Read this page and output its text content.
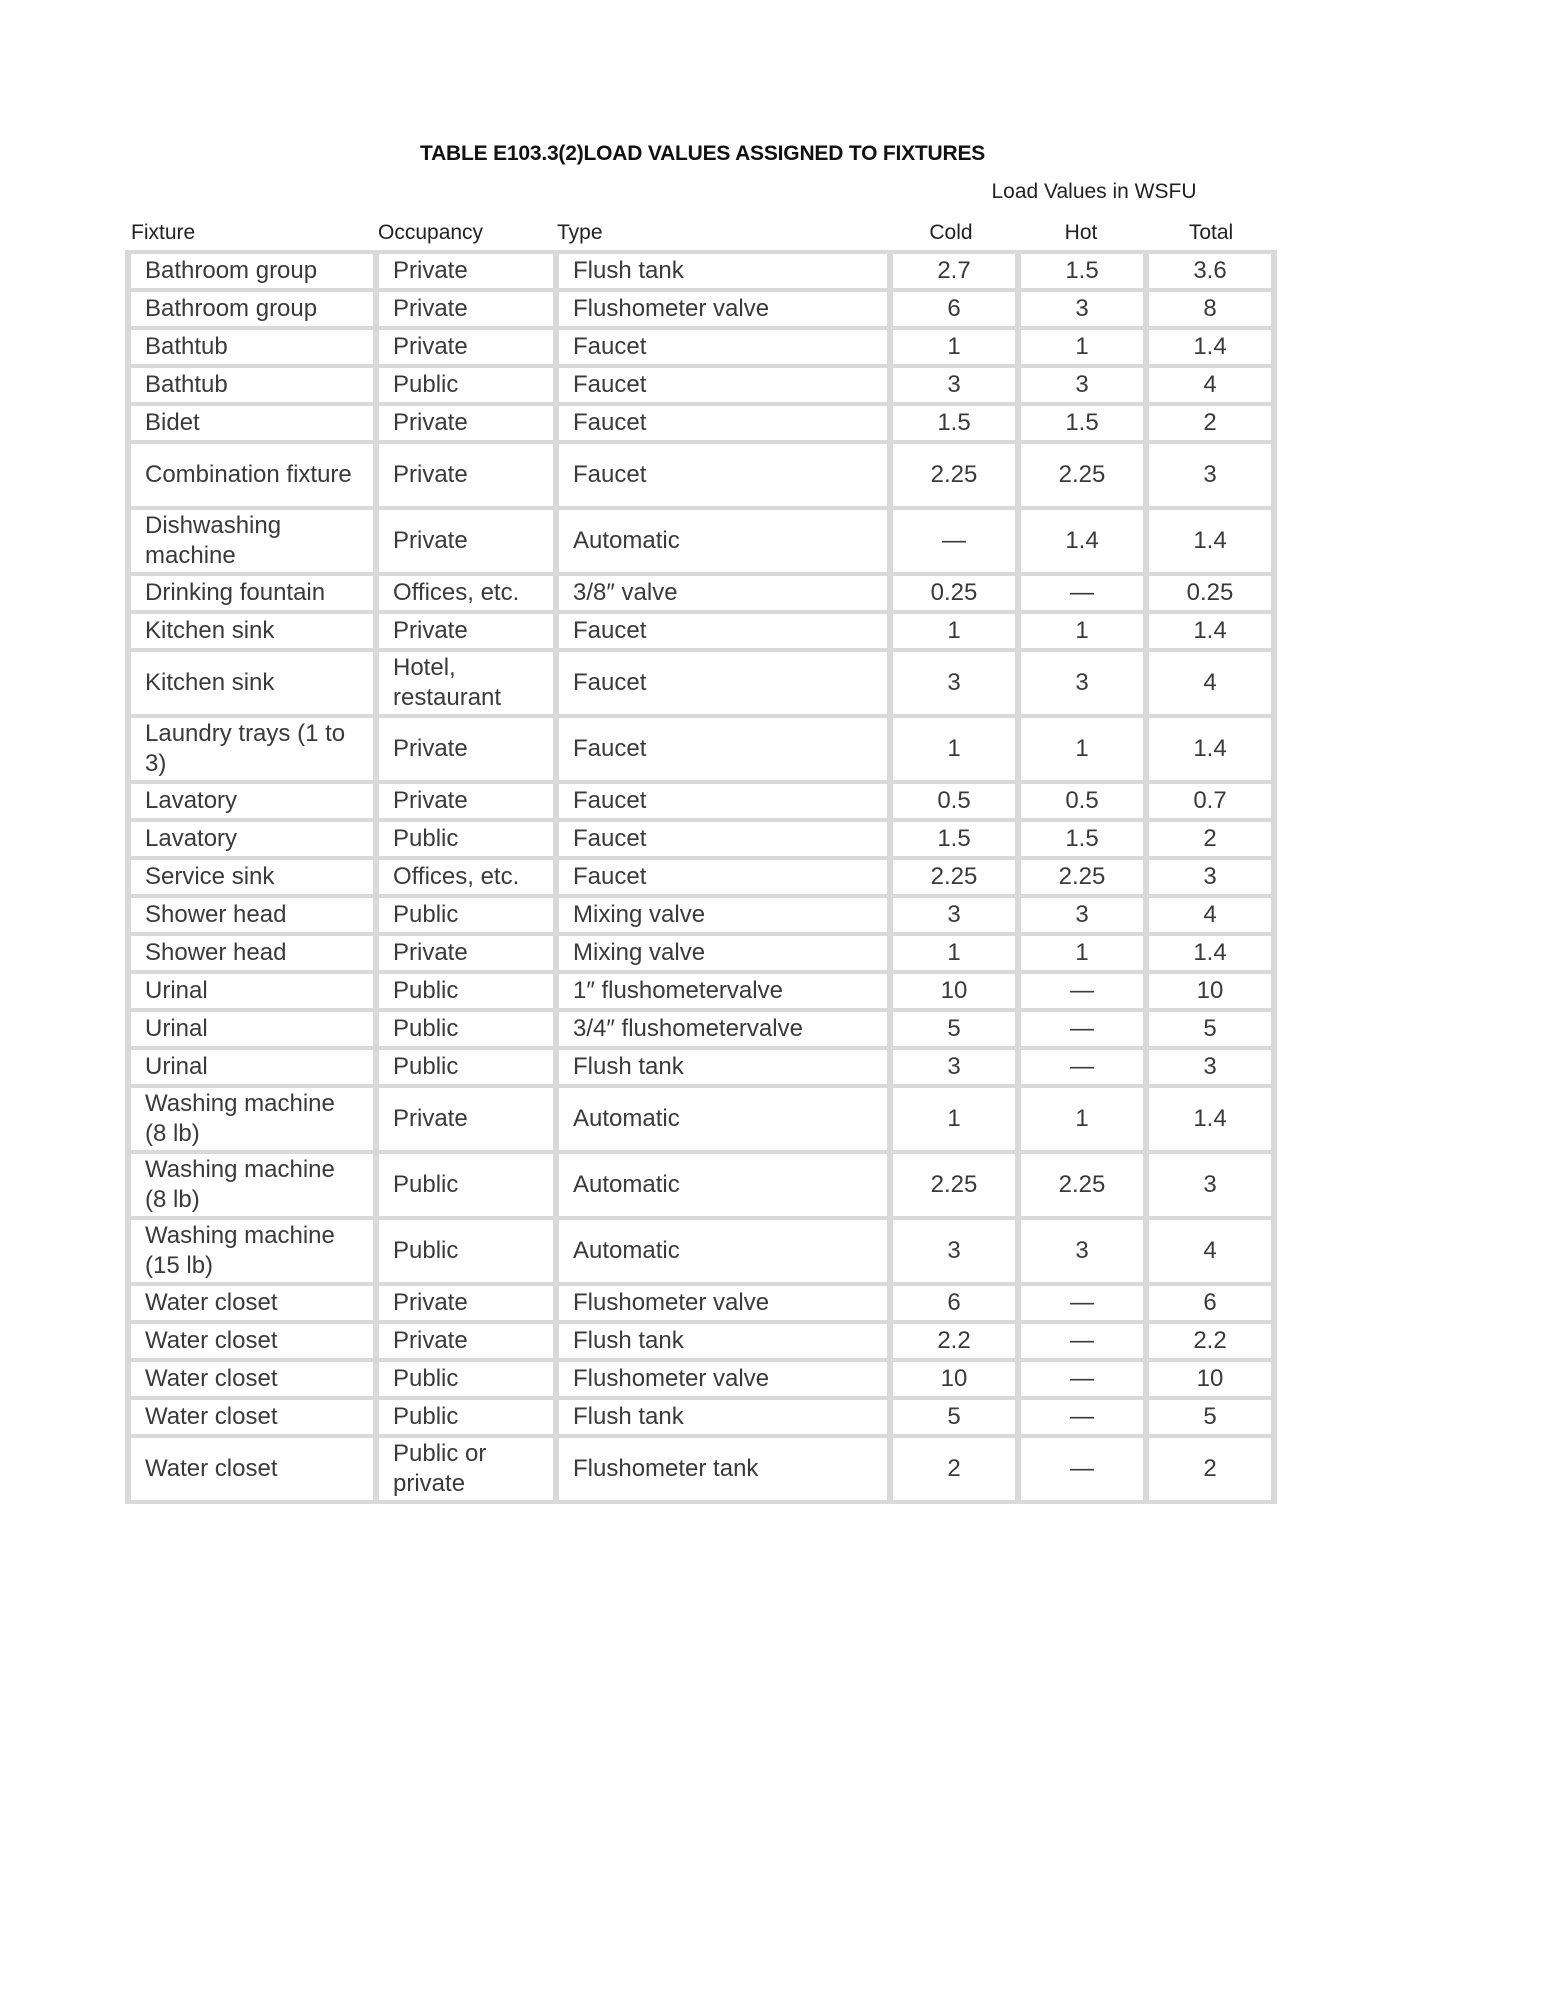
TABLE E103.3(2)LOAD VALUES ASSIGNED TO FIXTURES
Load Values in WSFU
Fixture	Occupancy	Type	Cold	Hot	Total
Bathroom group	Private	Flush tank	2.7	1.5	3.6
Bathroom group	Private	Flushometer valve	6	3	8
Bathtub	Private	Faucet	1	1	1.4
Bathtub	Public	Faucet	3	3	4
Bidet	Private	Faucet	1.5	1.5	2
Combination fixture	Private	Faucet	2.25	2.25	3
Dishwashing machine	Private	Automatic	—	1.4	1.4
Drinking fountain	Offices, etc.	3/8″ valve	0.25	—	0.25
Kitchen sink	Private	Faucet	1	1	1.4
Kitchen sink	Hotel, restaurant	Faucet	3	3	4
Laundry trays (1 to 3)	Private	Faucet	1	1	1.4
Lavatory	Private	Faucet	0.5	0.5	0.7
Lavatory	Public	Faucet	1.5	1.5	2
Service sink	Offices, etc.	Faucet	2.25	2.25	3
Shower head	Public	Mixing valve	3	3	4
Shower head	Private	Mixing valve	1	1	1.4
Urinal	Public	1″ flushometervalve	10	—	10
Urinal	Public	3/4″ flushometervalve	5	—	5
Urinal	Public	Flush tank	3	—	3
Washing machine (8 lb)	Private	Automatic	1	1	1.4
Washing machine (8 lb)	Public	Automatic	2.25	2.25	3
Washing machine (15 lb)	Public	Automatic	3	3	4
Water closet	Private	Flushometer valve	6	—	6
Water closet	Private	Flush tank	2.2	—	2.2
Water closet	Public	Flushometer valve	10	—	10
Water closet	Public	Flush tank	5	—	5
Water closet	Public or private	Flushometer tank	2	—	2
